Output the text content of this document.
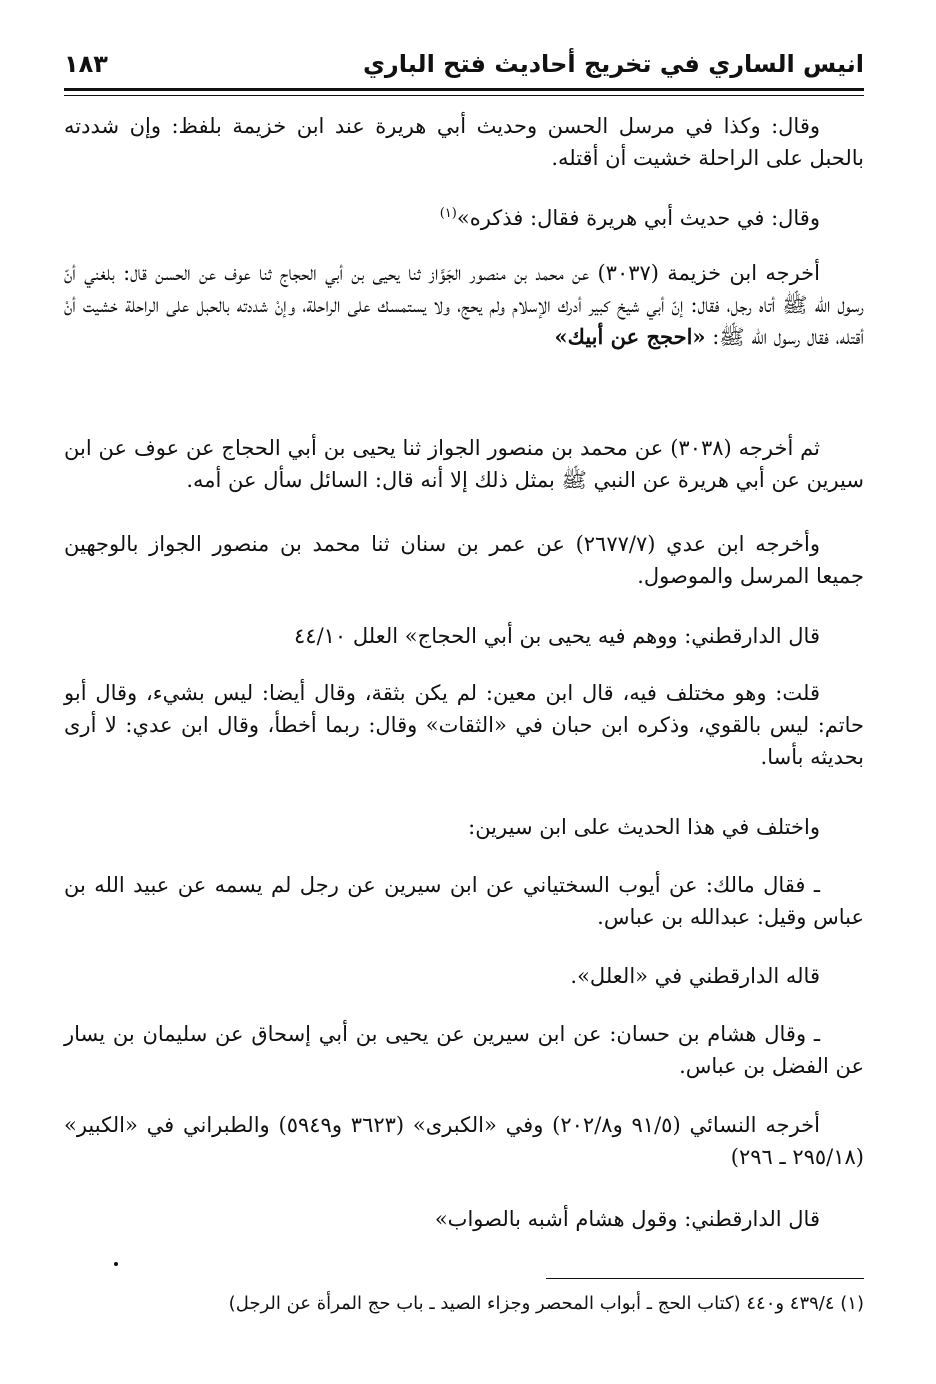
انيس الساري في تخريج أحاديث فتح الباري
١٨٣

وقال: وكذا في مرسل الحسن وحديث أبي هريرة عند ابن خزيمة بلفظ: وإن شددته بالحبل على الراحلة خشيت أن أقتله.

وقال: في حديث أبي هريرة فقال: فذكره»$^{(١)}$

أخرجه ابن خزيمة (٣٠٣٧) عن محمد بن منصور الجَوَّاز ثنا يحيى بن أبي الحجاج ثنا عوف عن الحسن قال: بلغني أنّ رسول الله ﷺ أتاه رجل، فقال: إنّ أبي شيخ كبير أدرك الإسلام ولم يحج، ولا يستمسك على الراحلة، وإنْ شددته بالحبل على الراحلة خشيت أنْ أقتله، فقال رسول الله ﷺ: «احجج عن أبيك»

ثم أخرجه (٣٠٣٨) عن محمد بن منصور الجواز ثنا يحيى بن أبي الحجاج عن عوف عن ابن سيرين عن أبي هريرة عن النبي ﷺ بمثل ذلك إلا أنه قال: السائل سأل عن أمه.

وأخرجه ابن عدي (٢٦٧٧/٧) عن عمر بن سنان ثنا محمد بن منصور الجواز بالوجهين جميعا المرسل والموصول.

قال الدارقطني: ووهم فيه يحيى بن أبي الحجاج» العلل ٤٤/١٠

قلت: وهو مختلف فيه، قال ابن معين: لم يكن بثقة، وقال أيضا: ليس بشيء، وقال أبو حاتم: ليس بالقوي، وذكره ابن حبان في «الثقات» وقال: ربما أخطأ، وقال ابن عدي: لا أرى بحديثه بأسا.

واختلف في هذا الحديث على ابن سيرين:

ـ فقال مالك: عن أيوب السختياني عن ابن سيرين عن رجل لم يسمه عن عبيد الله بن عباس وقيل: عبدالله بن عباس.

قاله الدارقطني في «العلل».

ـ وقال هشام بن حسان: عن ابن سيرين عن يحيى بن أبي إسحاق عن سليمان بن يسار عن الفضل بن عباس.

أخرجه النسائي (٩١/٥ و٢٠٢/٨) وفي «الكبرى» (٣٦٢٣ و٥٩٤٩) والطبراني في «الكبير» (٢٩٥/١٨ ـ ٢٩٦)

قال الدارقطني: وقول هشام أشبه بالصواب»

(١) ٤٣٩/٤ و٤٤٠ (كتاب الحج ـ أبواب المحصر وجزاء الصيد ـ باب حج المرأة عن الرجل)
